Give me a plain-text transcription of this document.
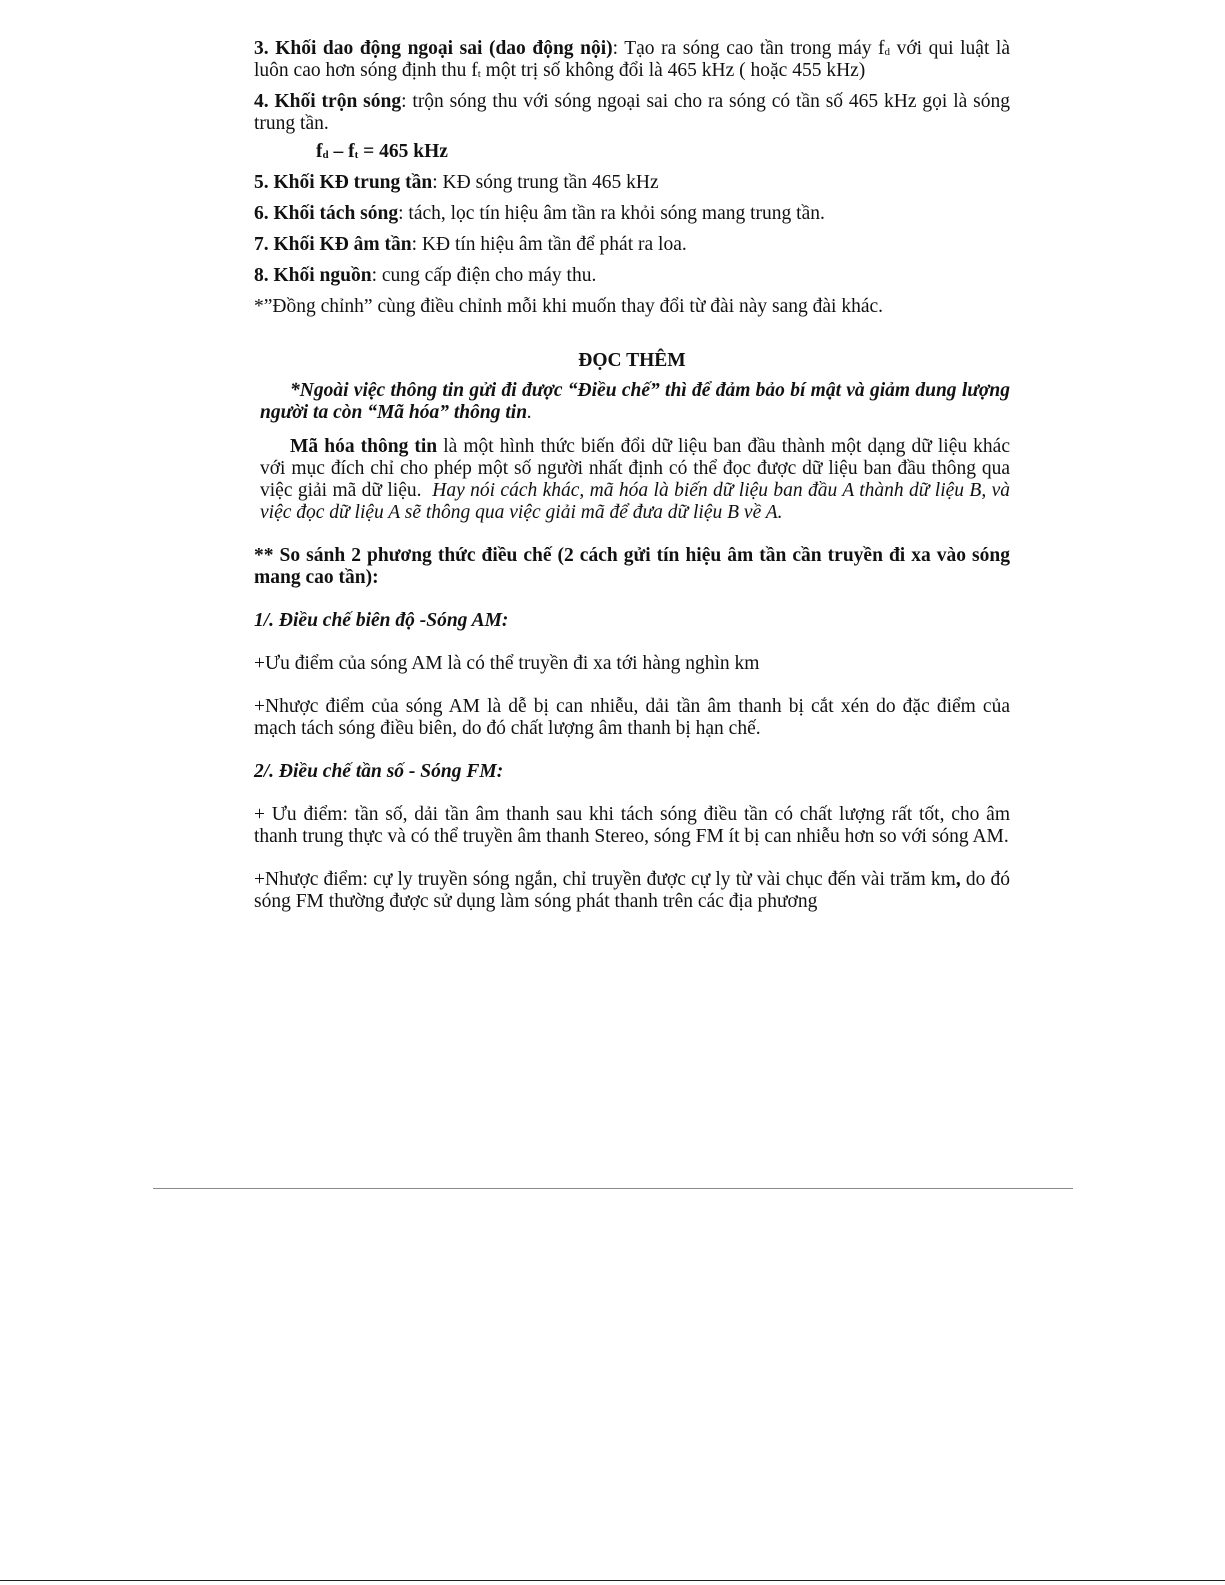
3. Khối dao động ngoại sai (dao động nội): Tạo ra sóng cao tần trong máy $f_d$ với qui luật là luôn cao hơn sóng định thu $f_t$ một trị số không đổi là 465 kHz ( hoặc 455 kHz)

4. Khối trộn sóng: trộn sóng thu với sóng ngoại sai cho ra sóng có tần số 465 kHz gọi là sóng trung tần.

$f_d - f_t = 465$ kHz

5. Khối KĐ trung tần: KĐ sóng trung tần 465 kHz

6. Khối tách sóng: tách, lọc tín hiệu âm tần ra khỏi sóng mang trung tần.

7. Khối KĐ âm tần: KĐ tín hiệu âm tần để phát ra loa.

8. Khối nguồn: cung cấp điện cho máy thu.

*”Đồng chỉnh” cùng điều chỉnh mỗi khi muốn thay đổi từ đài này sang đài khác.

ĐỌC THÊM

*Ngoài việc thông tin gửi đi được “Điều chế” thì để đảm bảo bí mật và giảm dung lượng người ta còn “Mã hóa” thông tin.

Mã hóa thông tin là một hình thức biến đổi dữ liệu ban đầu thành một dạng dữ liệu khác với mục đích chỉ cho phép một số người nhất định có thể đọc được dữ liệu ban đầu thông qua việc giải mã dữ liệu. Hay nói cách khác, mã hóa là biến dữ liệu ban đầu A thành dữ liệu B, và việc đọc dữ liệu A sẽ thông qua việc giải mã để đưa dữ liệu B về A.

** So sánh 2 phương thức điều chế (2 cách gửi tín hiệu âm tần cần truyền đi xa vào sóng mang cao tần):

1/. Điều chế biên độ -Sóng AM:

+Ưu điểm của sóng AM là có thể truyền đi xa tới hàng nghìn km

+Nhược điểm của sóng AM là dễ bị can nhiễu, dải tần âm thanh bị cắt xén do đặc điểm của mạch tách sóng điều biên, do đó chất lượng âm thanh bị hạn chế.

2/. Điều chế tần số - Sóng FM:

+ Ưu điểm: tần số, dải tần âm thanh sau khi tách sóng điều tần có chất lượng rất tốt, cho âm thanh trung thực và có thể truyền âm thanh Stereo, sóng FM ít bị can nhiễu hơn so với sóng AM.

+Nhược điểm: cự ly truyền sóng ngắn, chỉ truyền được cự ly từ vài chục đến vài trăm km, do đó sóng FM thường được sử dụng làm sóng phát thanh trên các địa phương
